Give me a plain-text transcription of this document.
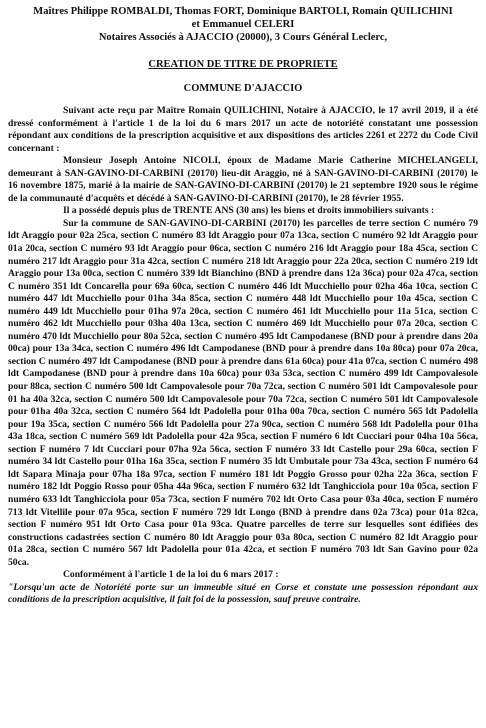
Maîtres Philippe ROMBALDI, Thomas FORT, Dominique BARTOLI, Romain QUILICHINI

et Emmanuel CELERI

Notaires Associés à AJACCIO (20000), 3 Cours Général Leclerc,

CREATION DE TITRE DE PROPRIETE

COMMUNE D'AJACCIO

Suivant acte reçu par Maître Romain QUILICHINI, Notaire à AJACCIO, le 17 avril 2019, il a été dressé conformément à l'article 1 de la loi du 6 mars 2017 un acte de notoriété constatant une possession répondant aux conditions de la prescription acquisitive et aux dispositions des articles 2261 et 2272 du Code Civil concernant :

Monsieur Joseph Antoine NICOLI, époux de Madame Marie Catherine MICHELANGELI, demeurant à SAN-GAVINO-DI-CARBINI (20170) lieu-dit Araggio, né à SAN-GAVINO-DI-CARBINI (20170) le 16 novembre 1875, marié à la mairie de SAN-GAVINO-DI-CARBINI (20170) le 21 septembre 1920 sous le régime de la communauté d'acquêts et décédé à SAN-GAVINO-DI-CARBINI (20170), le 28 février 1955.

Il a possédé depuis plus de TRENTE ANS (30 ans) les biens et droits immobiliers suivants :

Sur la commune de SAN-GAVINO-DI-CARBINI (20170) les parcelles de terre section C numéro 79 ldt Araggio pour 02a 25ca, section C numéro 83 ldt Araggio pour 07a 13ca, section C numéro 92 ldt Araggio pour 01a 20ca, section C numéro 93 ldt Araggio pour 06ca, section C numéro 216 ldt Araggio pour 18a 45ca, section C numéro 217 ldt Araggio pour 31a 42ca, section C numéro 218 ldt Araggio pour 22a 20ca, section C numéro 219 ldt Araggio pour 13a 00ca, section C numéro 339 ldt Bianchino (BND à prendre dans 12a 36ca) pour 02a 47ca, section C numéro 351 ldt Concarella pour 69a 60ca, section C numéro 446 ldt Mucchiello pour 02ha 46a 10ca, section C numéro 447 ldt Mucchiello pour 01ha 34a 85ca, section C numéro 448 ldt Mucchiello pour 10a 45ca, section C numéro 449 ldt Mucchiello pour 01ha 97a 20ca, section C numéro 461 ldt Mucchiello pour 11a 51ca, section C numéro 462 ldt Mucchiello pour 03ha 40a 13ca, section C numéro 469 ldt Mucchiello pour 07a 20ca, section C numéro 470 ldt Mucchiello pour 80a 52ca, section C numéro 495 ldt Campodanese (BND pour à prendre dans 20a 00ca) pour 13a 34ca, section C numéro 496 ldt Campodanese (BND pour à prendre dans 10a 80ca) pour 07a 20ca, section C numéro 497 ldt Campodanese (BND pour à prendre dans 61a 60ca) pour 41a 07ca, section C numéro 498 ldt Campodanese (BND pour à prendre dans 10a 60ca) pour 03a 53ca, section C numéro 499 ldt Campovalesole pour 88ca, section C numéro 500 ldt Campovalesole pour 70a 72ca, section C numéro 501 ldt Campovalesole pour 01 ha 40a 32ca, section C numéro 500 ldt Campovalesole pour 70a 72ca, section C numéro 501 ldt Campovalesole pour 01ha 40a 32ca, section C numéro 564 ldt Padolella pour 01ha 00a 70ca, section C numéro 565 ldt Padolella pour 19a 35ca, section C numéro 566 ldt Padolella pour 27a 90ca, section C numéro 568 ldt Padolella pour 01ha 43a 18ca, section C numéro 569 ldt Padolella pour 42a 95ca, section F numéro 6 ldt Cucciari pour 04ha 10a 56ca, section F numéro 7 ldt Cucciari pour 07ha 92a 56ca, section F numéro 33 ldt Castello pour 29a 60ca, section F numéro 34 ldt Castello pour 01ha 16a 35ca, section F numéro 35 ldt Umbutale pour 73a 43ca, section F numéro 64 ldt Sapara Minaja pour 07ha 18a 97ca, section F numéro 181 ldt Poggio Grosso pour 02ha 22a 36ca, section F numéro 182 ldt Poggio Rosso pour 05ha 44a 96ca, section F numéro 632 ldt Tanghicciola pour 10a 05ca, section F numéro 633 ldt Tanghicciola pour 05a 73ca, section F numéro 702 ldt Orto Casa pour 03a 40ca, section F numéro 713 ldt Vitellile pour 07a 95ca, section F numéro 729 ldt Longo (BND à prendre dans 02a 73ca) pour 01a 82ca, section F numéro 951 ldt Orto Casa pour 01a 93ca. Quatre parcelles de terre sur lesquelles sont édifiées des constructions cadastrées section C numéro 80 ldt Araggio pour 03a 80ca, section C numéro 82 ldt Araggio pour 01a 28ca, section C numéro 567 ldt Padolella pour 01a 42ca, et section F numéro 703 ldt San Gavino pour 02a 50ca.

Conformément à l'article 1 de la loi du 6 mars 2017 :

"Lorsqu'un acte de Notoriété porte sur un immeuble situé en Corse et constate une possession répondant aux conditions de la prescription acquisitive, il fait foi de la possession, sauf preuve contraire.
